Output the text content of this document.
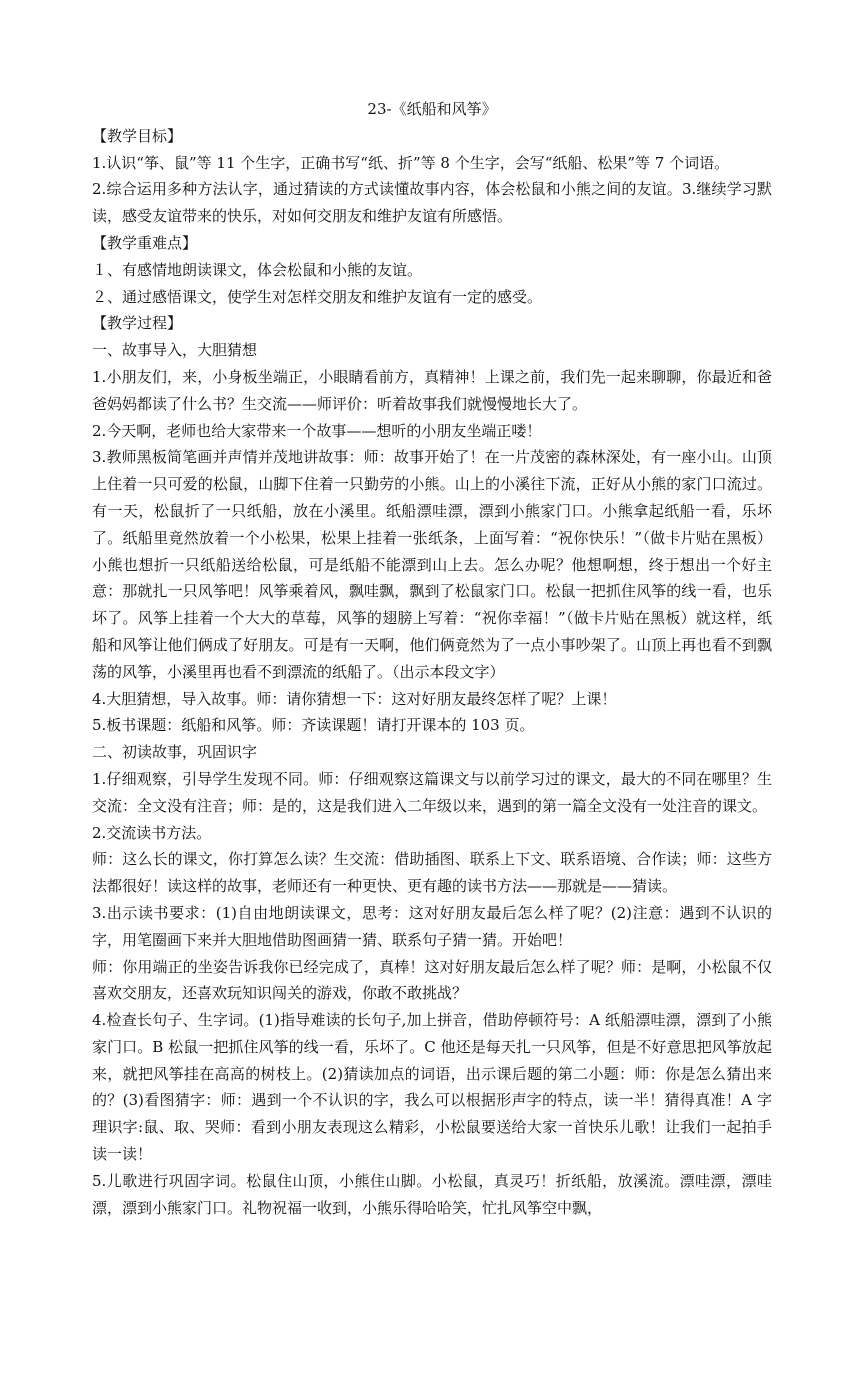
23-《纸船和风筝》

【教学目标】

1.认识“筝、鼠”等 11 个生字，正确书写“纸、折”等 8 个生字，会写“纸船、松果”等 7 个词语。

2.综合运用多种方法认字，通过猜读的方式读懂故事内容，体会松鼠和小熊之间的友谊。3.继续学习默读，感受友谊带来的快乐，对如何交朋友和维护友谊有所感悟。

【教学重难点】

１、有感情地朗读课文，体会松鼠和小熊的友谊。

２、通过感悟课文，使学生对怎样交朋友和维护友谊有一定的感受。

【教学过程】

一、故事导入，大胆猜想

1.小朋友们，来，小身板坐端正，小眼睛看前方，真精神！上课之前，我们先一起来聊聊，你最近和爸爸妈妈都读了什么书？生交流——师评价：听着故事我们就慢慢地长大了。

2.今天啊，老师也给大家带来一个故事——想听的小朋友坐端正喽！

3.教师黑板简笔画并声情并茂地讲故事：师：故事开始了！在一片茂密的森林深处，有一座小山。山顶上住着一只可爱的松鼠，山脚下住着一只勤劳的小熊。山上的小溪往下流，正好从小熊的家门口流过。有一天，松鼠折了一只纸船，放在小溪里。纸船漂哇漂，漂到小熊家门口。小熊拿起纸船一看，乐坏了。纸船里竟然放着一个小松果，松果上挂着一张纸条，上面写着：“祝你快乐！”（做卡片贴在黑板）小熊也想折一只纸船送给松鼠，可是纸船不能漂到山上去。怎么办呢？他想啊想，终于想出一个好主意：那就扎一只风筝吧！风筝乘着风，飘哇飘，飘到了松鼠家门口。松鼠一把抓住风筝的线一看，也乐坏了。风筝上挂着一个大大的草莓，风筝的翅膀上写着：“祝你幸福！”（做卡片贴在黑板）就这样，纸船和风筝让他们俩成了好朋友。可是有一天啊，他们俩竟然为了一点小事吵架了。山顶上再也看不到飘荡的风筝，小溪里再也看不到漂流的纸船了。（出示本段文字）

4.大胆猜想，导入故事。师：请你猜想一下：这对好朋友最终怎样了呢？上课！

5.板书课题：纸船和风筝。师：齐读课题！请打开课本的 103 页。

二、初读故事，巩固识字

1.仔细观察，引导学生发现不同。师：仔细观察这篇课文与以前学习过的课文，最大的不同在哪里？生交流：全文没有注音；师：是的，这是我们进入二年级以来，遇到的第一篇全文没有一处注音的课文。

2.交流读书方法。

师：这么长的课文，你打算怎么读？生交流：借助插图、联系上下文、联系语境、合作读；师：这些方法都很好！读这样的故事，老师还有一种更快、更有趣的读书方法——那就是——猜读。

3.出示读书要求：(1)自由地朗读课文，思考：这对好朋友最后怎么样了呢？(2)注意：遇到不认识的字，用笔圈画下来并大胆地借助图画猜一猜、联系句子猜一猜。开始吧！

师：你用端正的坐姿告诉我你已经完成了，真棒！这对好朋友最后怎么样了呢？师：是啊，小松鼠不仅喜欢交朋友，还喜欢玩知识闯关的游戏，你敢不敢挑战？

4.检查长句子、生字词。(1)指导难读的长句子,加上拼音，借助停顿符号：A 纸船漂哇漂，漂到了小熊家门口。B 松鼠一把抓住风筝的线一看，乐坏了。C 他还是每天扎一只风筝，但是不好意思把风筝放起来，就把风筝挂在高高的树枝上。(2)猜读加点的词语，出示课后题的第二小题：师：你是怎么猜出来的？(3)看图猜字：师：遇到一个不认识的字，我么可以根据形声字的特点，读一半！猜得真准！A 字理识字:鼠、取、哭师：看到小朋友表现这么精彩，小松鼠要送给大家一首快乐儿歌！让我们一起拍手读一读！

5.儿歌进行巩固字词。松鼠住山顶，小熊住山脚。小松鼠，真灵巧！折纸船，放溪流。漂哇漂，漂哇漂，漂到小熊家门口。礼物祝福一收到，小熊乐得哈哈笑，忙扎风筝空中飘，
